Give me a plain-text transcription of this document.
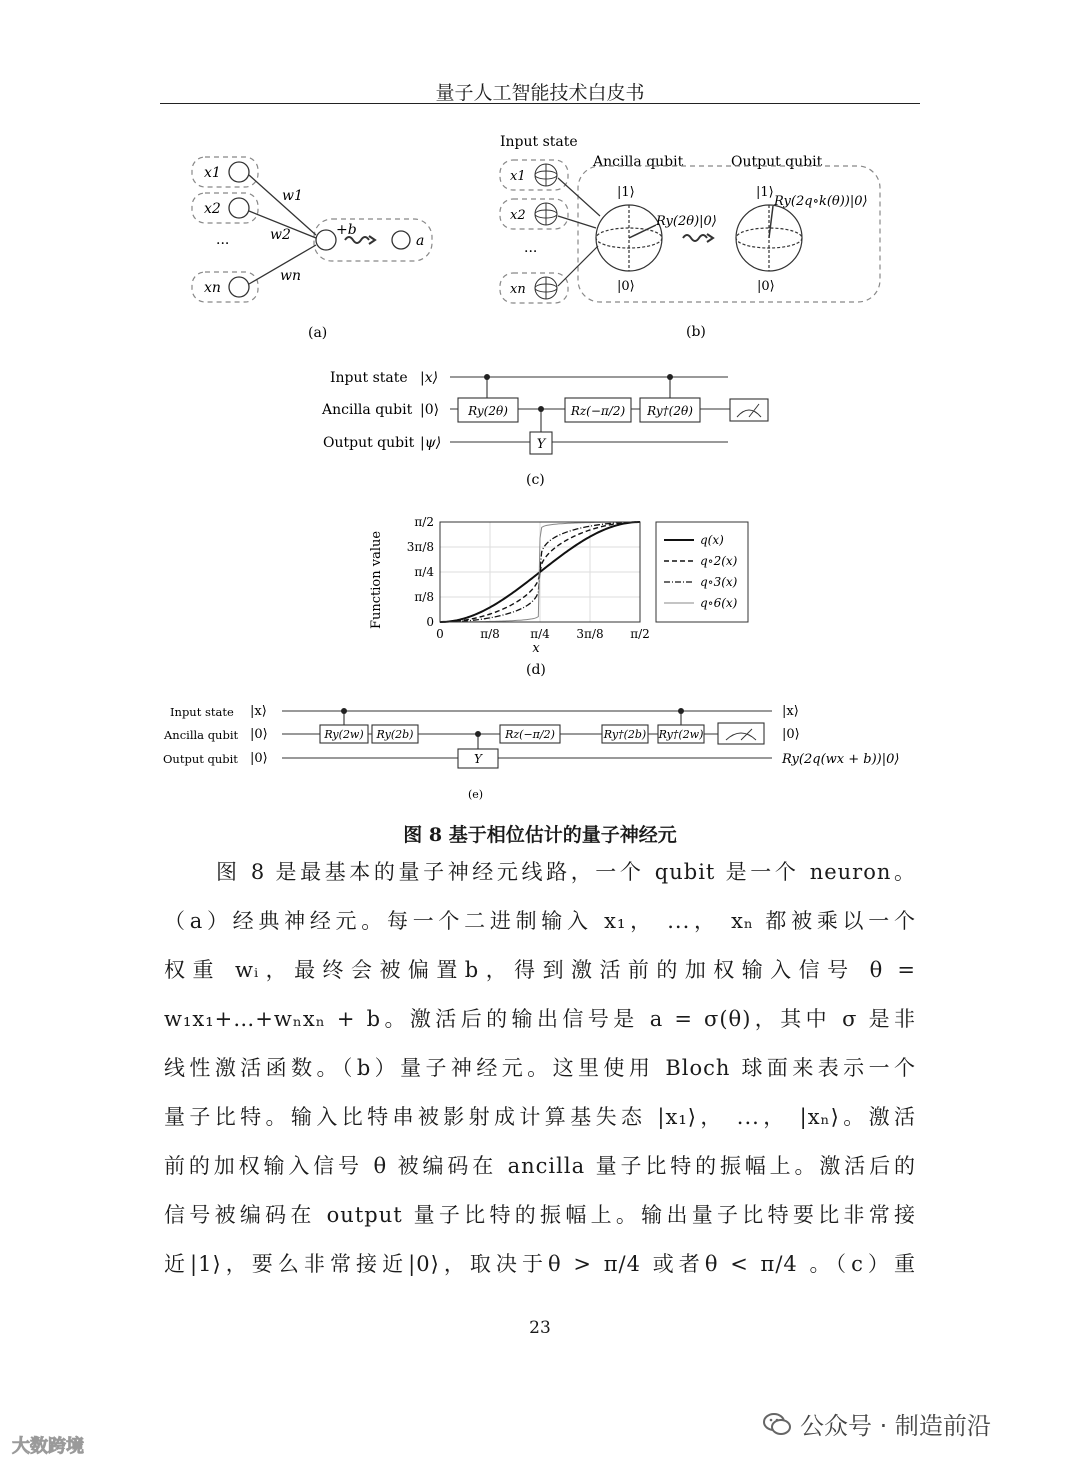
量子人工智能技术白皮书
x1
x2
···
xn
w1
w2
wn
+b
a
(a)
Input state
Ancilla qubit	Output qubit
x1
x2
···
xn
|1⟩
|0⟩
Ry(2θ)|0⟩
|1⟩
Ry(2q∘k(θ))|0⟩
|0⟩
(b)
Input state
Ancilla qubit
Output qubit
|x⟩
|0⟩
|ψ⟩
Ry(2θ)	Rz(−π/2) Ry†(2θ)
Y
(c)
Function value
0	π/8	π/4 3π/8 π/2
0
π/8
π/4
3π/8
π/2
x
q(x)
q∘2(x)
q∘3(x)
q∘6(x)
(d)
Input state
Ancilla qubit
Output qubit
|x⟩
|0⟩
|0⟩
Ry(2w) Ry(2b)	Rz(−π/2)	Ry†(2b) Ry†(2w)
Y
|x⟩
|0⟩
Ry(2q(wx + b))|0⟩
(e)
图 8 基于相位估计的量子神经元

图 8 是最基本的量子神经元线路，一个 qubit 是一个 neuron。

（a）经典神经元。每一个二进制输入 x₁， ...， xₙ 都被乘以一个

权重 wᵢ，最终会被偏置b，得到激活前的加权输入信号 θ =

w₁x₁+…+wₙxₙ + b。激活后的输出信号是 a = σ(θ)，其中 σ 是非

线性激活函数。（b）量子神经元。这里使用 Bloch 球面来表示一个

量子比特。输入比特串被影射成计算基失态 |x₁⟩， ...， |xₙ⟩。激活

前的加权输入信号 θ 被编码在 ancilla 量子比特的振幅上。激活后的

信号被编码在 output 量子比特的振幅上。输出量子比特要比非常接

近|1⟩，要么非常接近|0⟩，取决于θ > π/4 或者θ < π/4 。（c）重

23
大数跨境
公众号 · 制造前沿
